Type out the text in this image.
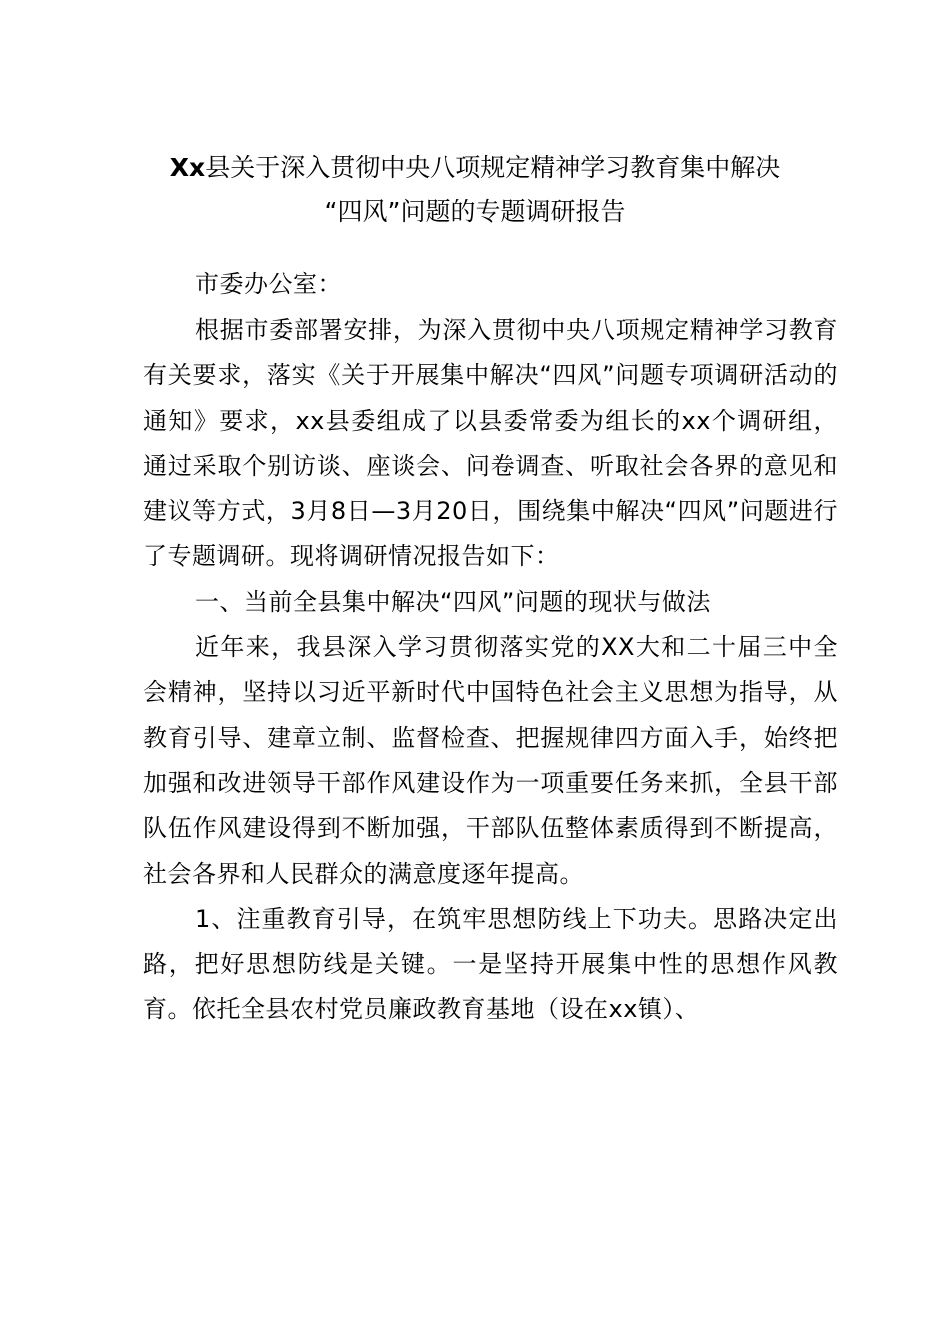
Xx县关于深入贯彻中央八项规定精神学习教育集中解决
“四风”问题的专题调研报告

市委办公室：

根据市委部署安排，为深入贯彻中央八项规定精神学习教育有关要求，落实《关于开展集中解决“四风”问题专项调研活动的通知》要求，xx县委组成了以县委常委为组长的xx个调研组，通过采取个别访谈、座谈会、问卷调查、听取社会各界的意见和建议等方式，3月8日—3月20日，围绕集中解决“四风”问题进行了专题调研。现将调研情况报告如下：

一、当前全县集中解决“四风”问题的现状与做法

近年来，我县深入学习贯彻落实党的XX大和二十届三中全会精神，坚持以习近平新时代中国特色社会主义思想为指导，从教育引导、建章立制、监督检查、把握规律四方面入手，始终把加强和改进领导干部作风建设作为一项重要任务来抓，全县干部队伍作风建设得到不断加强，干部队伍整体素质得到不断提高，社会各界和人民群众的满意度逐年提高。

1、注重教育引导，在筑牢思想防线上下功夫。思路决定出路，把好思想防线是关键。一是坚持开展集中性的思想作风教育。依托全县农村党员廉政教育基地（设在xx镇）、
